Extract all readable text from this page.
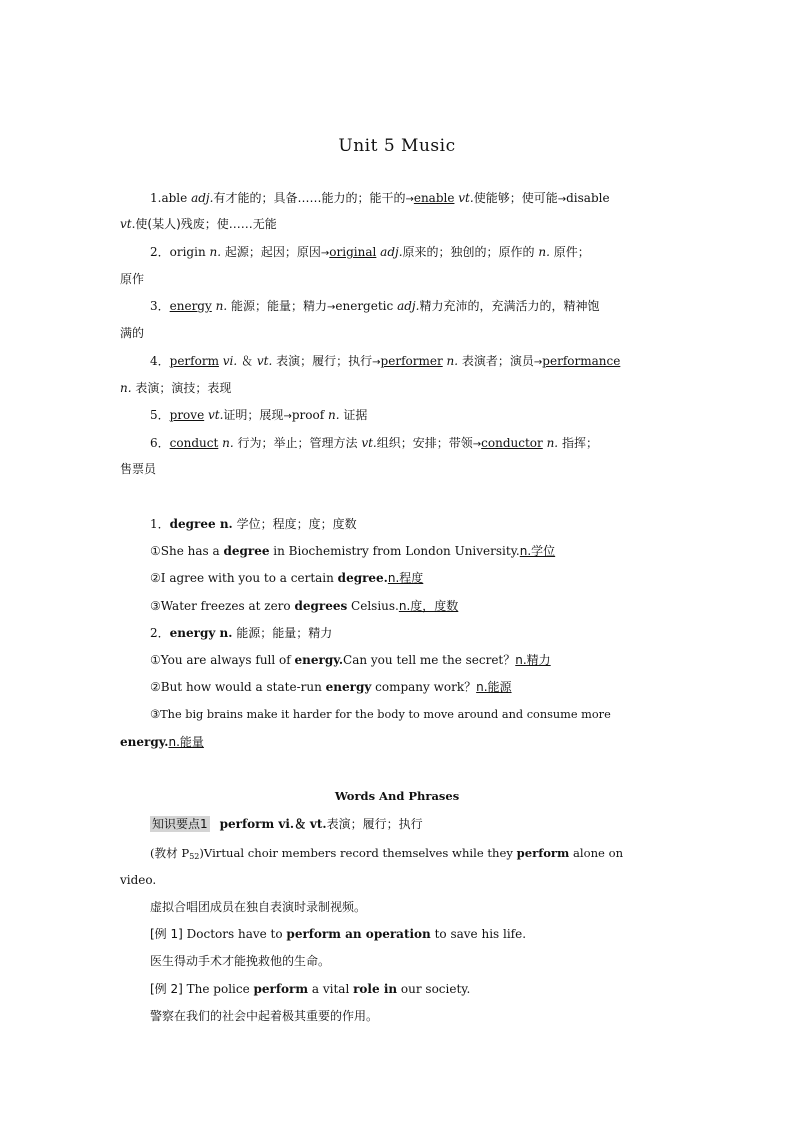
Unit 5 Music
1.able adj.有才能的；具备……能力的；能干的→enable vt.使能够；使可能→disable
vt.使(某人)残废；使……无能
2．origin n. 起源；起因；原因→original adj.原来的；独创的；原作的 n. 原件；
原作
3．energy n. 能源；能量；精力→energetic adj.精力充沛的，充满活力的，精神饱
满的
4．perform vi. ＆ vt. 表演；履行；执行→performer n. 表演者；演员→performance
n. 表演；演技；表现
5．prove vt.证明；展现→proof n. 证据
6．conduct n. 行为；举止；管理方法 vt.组织；安排；带领→conductor n. 指挥；
售票员
1．degree n. 学位；程度；度；度数
①She has a degree in Biochemistry from London University.n.学位
②I agree with you to a certain degree.n.程度
③Water freezes at zero degrees Celsius.n.度，度数
2．energy n. 能源；能量；精力
①You are always full of energy.Can you tell me the secret？n.精力
②But how would a state-run energy company work？n.能源
③The big brains make it harder for the body to move around and consume more
energy.n.能量
Words And Phrases
知识要点1 perform vi.＆ vt.表演；履行；执行
(教材 $P_{52})Virtual$ choir members record themselves while they perform alone on
video.
虚拟合唱团成员在独自表演时录制视频。
[例 1] Doctors have to perform an operation to save his life.
医生得动手术才能挽救他的生命。
[例 2] The police perform a vital role in our society.
警察在我们的社会中起着极其重要的作用。
